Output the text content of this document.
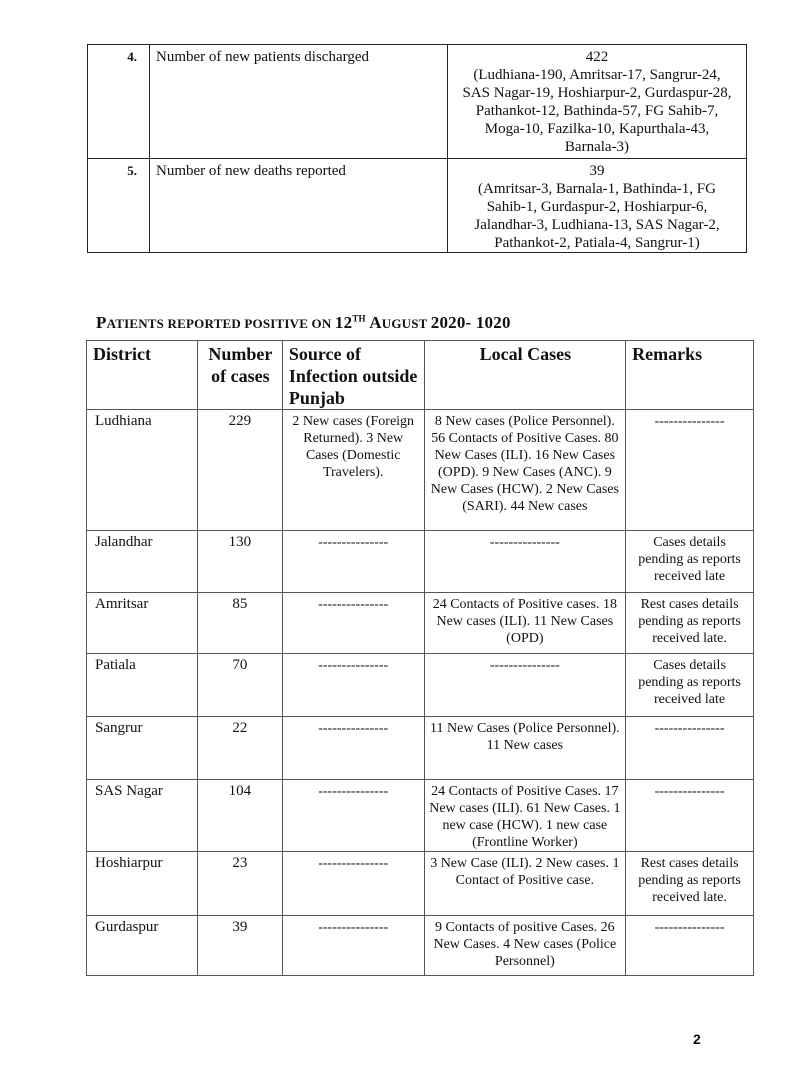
4.	Number of new patients discharged	422
(Ludhiana-190, Amritsar-17, Sangrur-24, SAS Nagar-19, Hoshiarpur-2, Gurdaspur-28, Pathankot-12, Bathinda-57, FG Sahib-7, Moga-10, Fazilka-10, Kapurthala-43, Barnala-3)

5.	Number of new deaths reported	39
(Amritsar-3, Barnala-1, Bathinda-1, FG Sahib-1, Gurdaspur-2, Hoshiarpur-6, Jalandhar-3, Ludhiana-13, SAS Nagar-2, Pathankot-2, Patiala-4, Sangrur-1)
PATIENTS REPORTED POSITIVE ON 12TH AUGUST 2020- 1020
District	Number of cases	Source of Infection outside Punjab	Local Cases	Remarks
Ludhiana	229	2 New cases (Foreign Returned). 3 New Cases (Domestic Travelers).	8 New cases (Police Personnel). 56 Contacts of Positive Cases. 80 New Cases (ILI). 16 New Cases (OPD). 9 New Cases (ANC). 9 New Cases (HCW). 2 New Cases (SARI). 44 New cases	---------------
Jalandhar	130	---------------	---------------	Cases details pending as reports received late
Amritsar	85	---------------	24 Contacts of Positive cases. 18 New cases (ILI). 11 New Cases (OPD)	Rest cases details pending as reports received late.
Patiala	70	---------------	---------------	Cases details pending as reports received late
Sangrur	22	---------------	11 New Cases (Police Personnel). 11 New cases	---------------
SAS Nagar	104	---------------	24 Contacts of Positive Cases. 17 New cases (ILI). 61 New Cases. 1 new case (HCW). 1 new case (Frontline Worker)	---------------
Hoshiarpur	23	---------------	3 New Case (ILI). 2 New cases. 1 Contact of Positive case.	Rest cases details pending as reports received late.
Gurdaspur	39	---------------	9 Contacts of positive Cases. 26 New Cases. 4 New cases (Police Personnel)	---------------
2
